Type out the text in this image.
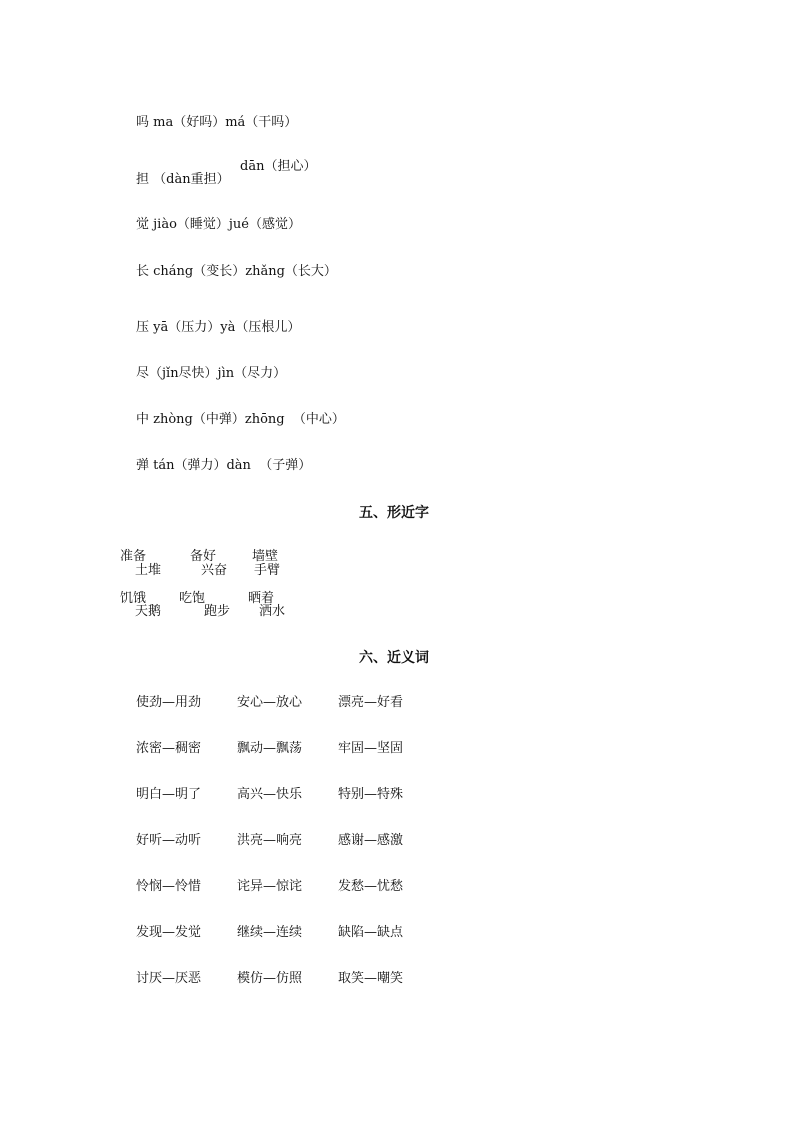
吗 ma（好吗）má（干吗）
dān（担心）
担 （dàn重担）
觉 jiào（睡觉）jué（感觉）
长 cháng（变长）zhǎng（长大）
压 yā（压力）yà（压根儿）
尽（jǐn尽快）jìn（尽力）
中 zhòng（中弹）zhōng  （中心）
弹 tán（弹力）dàn  （子弹）
五、形近字
准备	备好	墙壁
土堆	兴奋 手臂
饥饿	吃饱	晒着
天鹅	跑步 洒水
六、近义词
使劲—用劲	安心—放心	漂亮—好看
浓密—稠密	飘动—飘荡	牢固—坚固
明白—明了	高兴—快乐	特别—特殊
好听—动听	洪亮—响亮	感谢—感激
怜悯—怜惜	诧异—惊诧	发愁—忧愁
发现—发觉	继续—连续	缺陷—缺点
讨厌—厌恶	模仿—仿照	取笑—嘲笑
